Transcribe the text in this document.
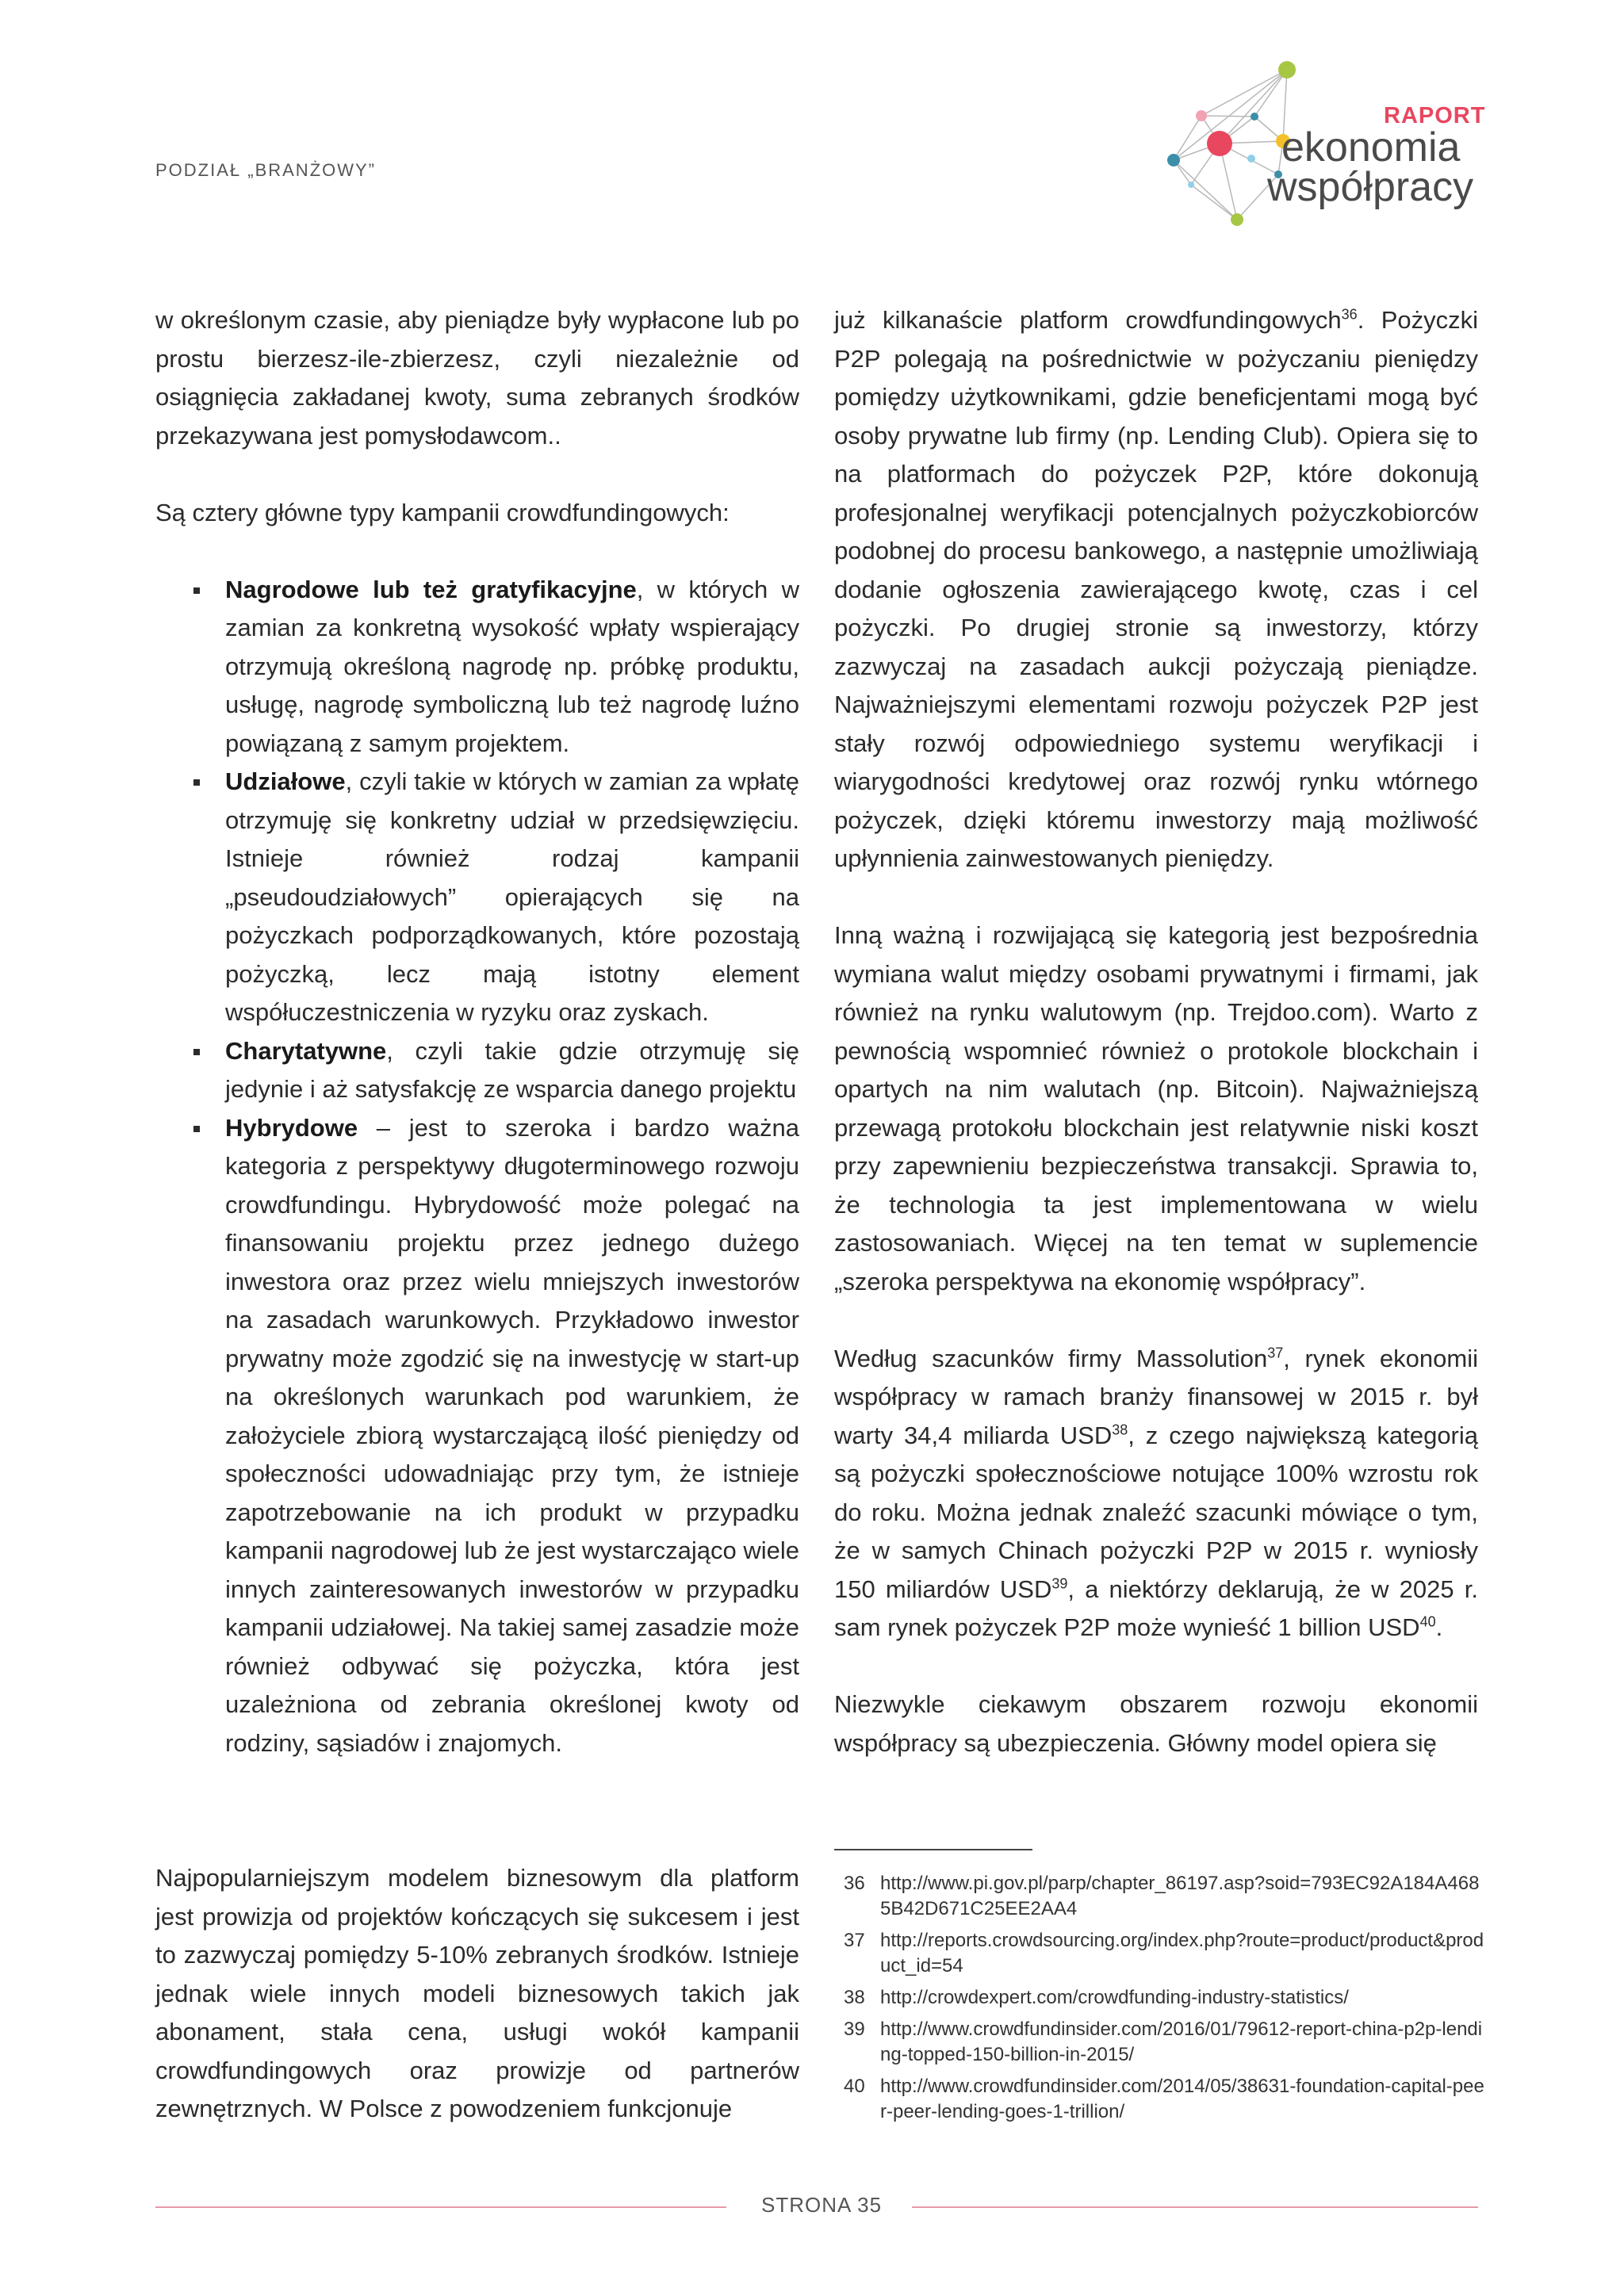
PODZIAŁ „BRANŻOWY”
RAPORT
ekonomia
współpracy

w określonym czasie, aby pieniądze były wypłacone lub po prostu bierzesz-ile-zbierzesz, czyli niezależnie od osiągnięcia zakładanej kwoty, suma zebranych środków przekazywana jest pomysłodawcom..

Są cztery główne typy kampanii crowdfundingowych:

Nagrodowe lub też gratyfikacyjne, w których w zamian za konkretną wysokość wpłaty wspierający otrzymują określoną nagrodę np. próbkę produktu, usługę, nagrodę symboliczną lub też nagrodę luźno powiązaną z samym projektem.
Udziałowe, czyli takie w których w zamian za wpłatę otrzymuję się konkretny udział w przedsięwzięciu. Istnieje również rodzaj kampanii „pseudoudziałowych” opierających się na pożyczkach podporządkowanych, które pozostają pożyczką, lecz mają istotny element współuczestniczenia w ryzyku oraz zyskach.
Charytatywne, czyli takie gdzie otrzymuję się jedynie i aż satysfakcję ze wsparcia danego projektu
Hybrydowe – jest to szeroka i bardzo ważna kategoria z perspektywy długoterminowego rozwoju crowdfundingu. Hybrydowość może polegać na finansowaniu projektu przez jednego dużego inwestora oraz przez wielu mniejszych inwestorów na zasadach warunkowych. Przykładowo inwestor prywatny może zgodzić się na inwestycję w start-up na określonych warunkach pod warunkiem, że założyciele zbiorą wystarczającą ilość pieniędzy od społeczności udowadniając przy tym, że istnieje zapotrzebowanie na ich produkt w przypadku kampanii nagrodowej lub że jest wystarczająco wiele innych zainteresowanych inwestorów w przypadku kampanii udziałowej. Na takiej samej zasadzie może również odbywać się pożyczka, która jest uzależniona od zebrania określonej kwoty od rodziny, sąsiadów i znajomych.
Najpopularniejszym modelem biznesowym dla platform jest prowizja od projektów kończących się sukcesem i jest to zazwyczaj pomiędzy 5-10% zebranych środków. Istnieje jednak wiele innych modeli biznesowych takich jak abonament, stała cena, usługi wokół kampanii crowdfundingowych oraz prowizje od partnerów zewnętrznych. W Polsce z powodzeniem funkcjonuje

już kilkanaście platform crowdfundingowych$^{36}$. Pożyczki P2P polegają na pośrednictwie w pożyczaniu pieniędzy pomiędzy użytkownikami, gdzie beneficjentami mogą być osoby prywatne lub firmy (np. Lending Club). Opiera się to na platformach do pożyczek P2P, które dokonują profesjonalnej weryfikacji potencjalnych pożyczkobiorców podobnej do procesu bankowego, a następnie umożliwiają dodanie ogłoszenia zawierającego kwotę, czas i cel pożyczki. Po drugiej stronie są inwestorzy, którzy zazwyczaj na zasadach aukcji pożyczają pieniądze. Najważniejszymi elementami rozwoju pożyczek P2P jest stały rozwój odpowiedniego systemu weryfikacji i wiarygodności kredytowej oraz rozwój rynku wtórnego pożyczek, dzięki któremu inwestorzy mają możliwość upłynnienia zainwestowanych pieniędzy.

Inną ważną i rozwijającą się kategorią jest bezpośrednia wymiana walut między osobami prywatnymi i firmami, jak również na rynku walutowym (np. Trejdoo.com). Warto z pewnością wspomnieć również o protokole blockchain i opartych na nim walutach (np. Bitcoin). Najważniejszą przewagą protokołu blockchain jest relatywnie niski koszt przy zapewnieniu bezpieczeństwa transakcji. Sprawia to, że technologia ta jest implementowana w wielu zastosowaniach. Więcej na ten temat w suplemencie „szeroka perspektywa na ekonomię współpracy”.

Według szacunków firmy Massolution$^{37}$, rynek ekonomii współpracy w ramach branży finansowej w 2015 r. był warty 34,4 miliarda USD$^{38}$, z czego największą kategorią są pożyczki społecznościowe notujące 100% wzrostu rok do roku. Można jednak znaleźć szacunki mówiące o tym, że w samych Chinach pożyczki P2P w 2015 r. wyniosły 150 miliardów USD$^{39}$, a niektórzy deklarują, że w 2025 r. sam rynek pożyczek P2P może wynieść 1 billion USD$^{40}$.

Niezwykle ciekawym obszarem rozwoju ekonomii współpracy są ubezpieczenia. Główny model opiera się

36 http://www.pi.gov.pl/parp/chapter_86197.asp?soid=793EC92A184A4685B42D671C25EE2AA4
37 http://reports.crowdsourcing.org/index.php?route=product/product&product_id=54
38 http://crowdexpert.com/crowdfunding-industry-statistics/
39 http://www.crowdfundinsider.com/2016/01/79612-report-china-p2p-lending-topped-150-billion-in-2015/
40 http://www.crowdfundinsider.com/2014/05/38631-foundation-capital-peer-peer-lending-goes-1-trillion/
STRONA 35
